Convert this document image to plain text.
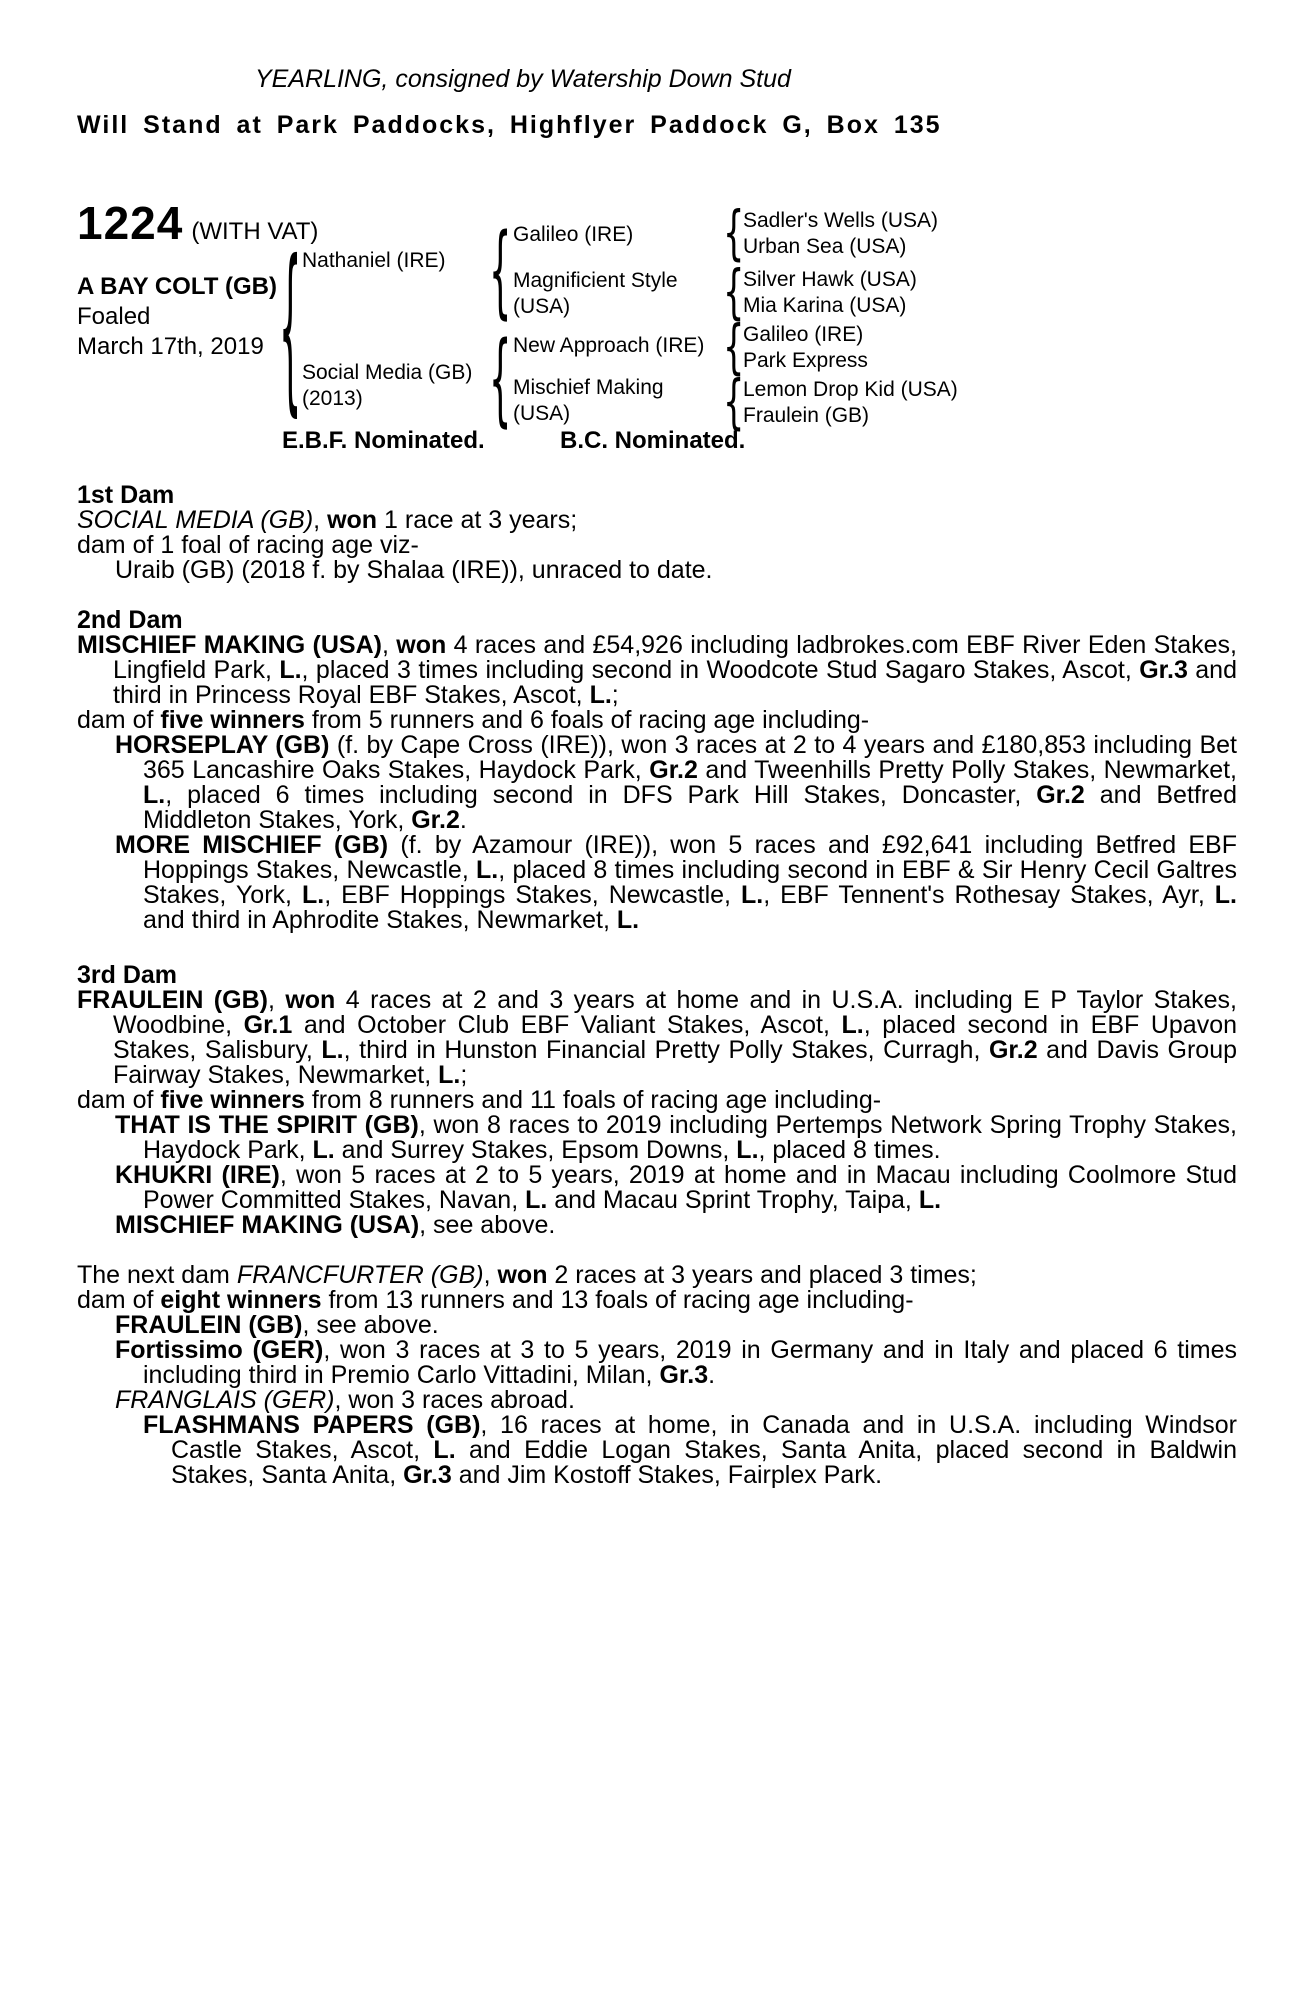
YEARLING, consigned by Watership Down Stud
Will Stand at Park Paddocks, Highflyer Paddock G, Box 135
1224 (WITH VAT)
A BAY COLT (GB)
Foaled
March 17th, 2019
{
{
{
{
{
{
{
Nathaniel (IRE)
Social Media (GB) (2013)
Galileo (IRE)
Magnificient Style (USA)
New Approach (IRE)
Mischief Making (USA)
Sadler's Wells (USA)
Urban Sea (USA)
Silver Hawk (USA)
Mia Karina (USA)
Galileo (IRE)
Park Express
Lemon Drop Kid (USA)
Fraulein (GB)
E.B.F. Nominated.	B.C. Nominated.
1st Dam

SOCIAL MEDIA (GB), won 1 race at 3 years;

dam of 1 foal of racing age viz-

Uraib (GB) (2018 f. by Shalaa (IRE)), unraced to date.

2nd Dam

MISCHIEF MAKING (USA), won 4 races and £54,926 including ladbrokes.com EBF River Eden Stakes, Lingfield Park, L., placed 3 times including second in Woodcote Stud Sagaro Stakes, Ascot, Gr.3 and third in Princess Royal EBF Stakes, Ascot, L.;

dam of five winners from 5 runners and 6 foals of racing age including-

HORSEPLAY (GB) (f. by Cape Cross (IRE)), won 3 races at 2 to 4 years and £180,853 including Bet 365 Lancashire Oaks Stakes, Haydock Park, Gr.2 and Tweenhills Pretty Polly Stakes, Newmarket, L., placed 6 times including second in DFS Park Hill Stakes, Doncaster, Gr.2 and Betfred Middleton Stakes, York, Gr.2.

MORE MISCHIEF (GB) (f. by Azamour (IRE)), won 5 races and £92,641 including Betfred EBF Hoppings Stakes, Newcastle, L., placed 8 times including second in EBF & Sir Henry Cecil Galtres Stakes, York, L., EBF Hoppings Stakes, Newcastle, L., EBF Tennent's Rothesay Stakes, Ayr, L. and third in Aphrodite Stakes, Newmarket, L.

3rd Dam

FRAULEIN (GB), won 4 races at 2 and 3 years at home and in U.S.A. including E P Taylor Stakes, Woodbine, Gr.1 and October Club EBF Valiant Stakes, Ascot, L., placed second in EBF Upavon Stakes, Salisbury, L., third in Hunston Financial Pretty Polly Stakes, Curragh, Gr.2 and Davis Group Fairway Stakes, Newmarket, L.;

dam of five winners from 8 runners and 11 foals of racing age including-

THAT IS THE SPIRIT (GB), won 8 races to 2019 including Pertemps Network Spring Trophy Stakes, Haydock Park, L. and Surrey Stakes, Epsom Downs, L., placed 8 times.

KHUKRI (IRE), won 5 races at 2 to 5 years, 2019 at home and in Macau including Coolmore Stud Power Committed Stakes, Navan, L. and Macau Sprint Trophy, Taipa, L.

MISCHIEF MAKING (USA), see above.

The next dam FRANCFURTER (GB), won 2 races at 3 years and placed 3 times;

dam of eight winners from 13 runners and 13 foals of racing age including-

FRAULEIN (GB), see above.

Fortissimo (GER), won 3 races at 3 to 5 years, 2019 in Germany and in Italy and placed 6 times including third in Premio Carlo Vittadini, Milan, Gr.3.

FRANGLAIS (GER), won 3 races abroad.

FLASHMANS PAPERS (GB), 16 races at home, in Canada and in U.S.A. including Windsor Castle Stakes, Ascot, L. and Eddie Logan Stakes, Santa Anita, placed second in Baldwin Stakes, Santa Anita, Gr.3 and Jim Kostoff Stakes, Fairplex Park.
